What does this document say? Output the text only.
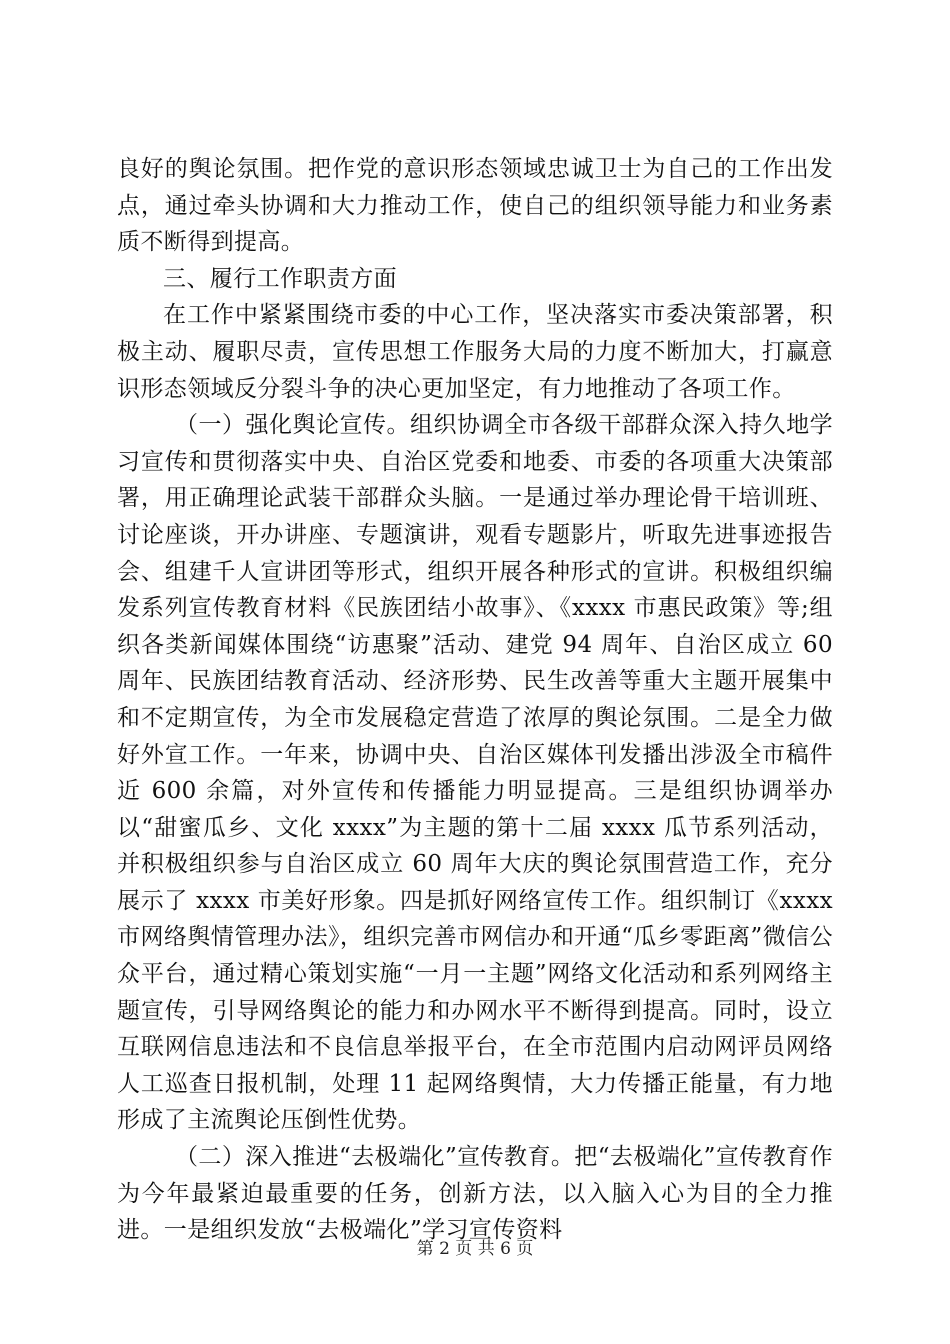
良好的舆论氛围。把作党的意识形态领域忠诚卫士为自己的工作出发点，通过牵头协调和大力推动工作，使自己的组织领导能力和业务素质不断得到提高。

三、履行工作职责方面

在工作中紧紧围绕市委的中心工作，坚决落实市委决策部署，积极主动、履职尽责，宣传思想工作服务大局的力度不断加大，打赢意识形态领域反分裂斗争的决心更加坚定，有力地推动了各项工作。

（一）强化舆论宣传。组织协调全市各级干部群众深入持久地学习宣传和贯彻落实中央、自治区党委和地委、市委的各项重大决策部署，用正确理论武装干部群众头脑。一是通过举办理论骨干培训班、讨论座谈，开办讲座、专题演讲，观看专题影片，听取先进事迹报告会、组建千人宣讲团等形式，组织开展各种形式的宣讲。积极组织编发系列宣传教育材料《民族团结小故事》、《xxxx 市惠民政策》等;组织各类新闻媒体围绕“访惠聚”活动、建党 94 周年、自治区成立 60 周年、民族团结教育活动、经济形势、民生改善等重大主题开展集中和不定期宣传，为全市发展稳定营造了浓厚的舆论氛围。二是全力做好外宣工作。一年来，协调中央、自治区媒体刊发播出涉汲全市稿件近 600 余篇，对外宣传和传播能力明显提高。三是组织协调举办以“甜蜜瓜乡、文化 xxxx”为主题的第十二届 xxxx 瓜节系列活动，并积极组织参与自治区成立 60 周年大庆的舆论氛围营造工作，充分展示了 xxxx 市美好形象。四是抓好网络宣传工作。组织制订《xxxx 市网络舆情管理办法》，组织完善市网信办和开通“瓜乡零距离”微信公众平台，通过精心策划实施“一月一主题”网络文化活动和系列网络主题宣传，引导网络舆论的能力和办网水平不断得到提高。同时，设立互联网信息违法和不良信息举报平台，在全市范围内启动网评员网络人工巡查日报机制，处理 11 起网络舆情，大力传播正能量，有力地形成了主流舆论压倒性优势。

（二）深入推进“去极端化”宣传教育。把“去极端化”宣传教育作为今年最紧迫最重要的任务，创新方法，以入脑入心为目的全力推进。一是组织发放“去极端化”学习宣传资料

第 2 页 共 6 页
